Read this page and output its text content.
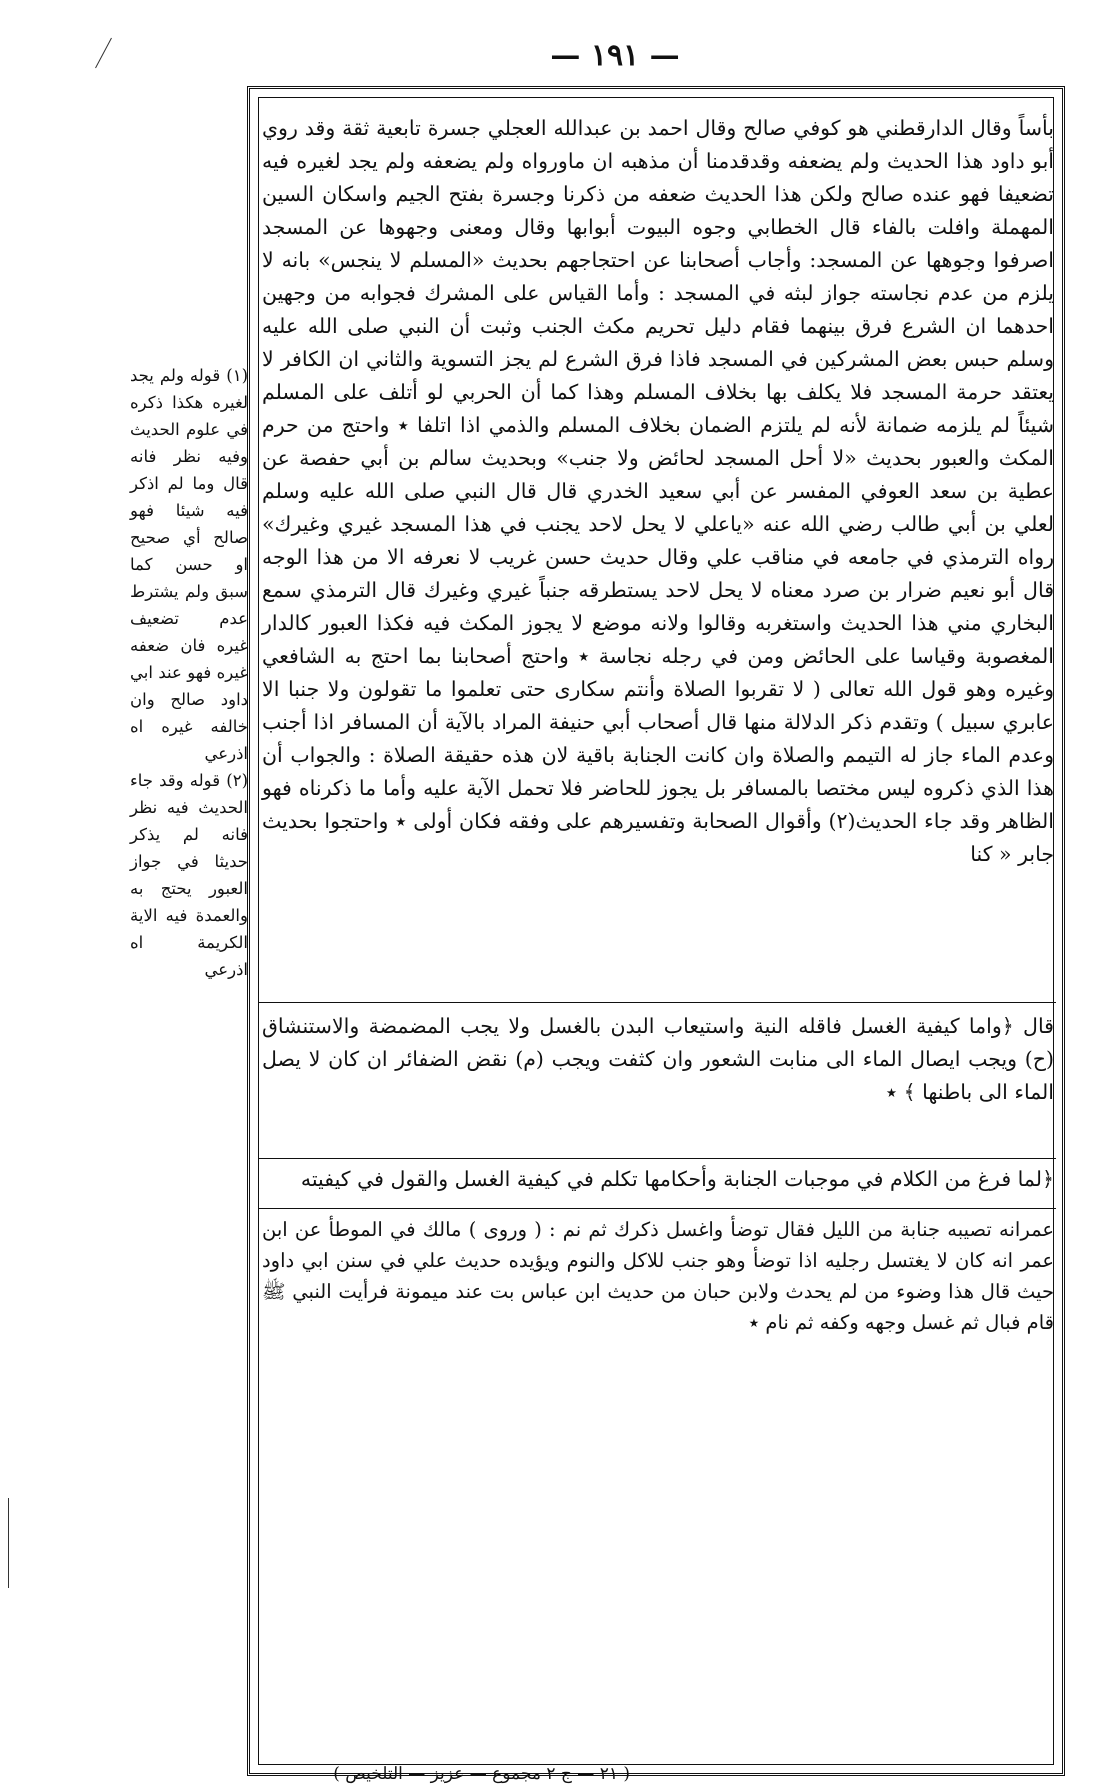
— ١٩١ —

بأساً وقال الدارقطني هو كوفي صالح وقال احمد بن عبدالله العجلي جسرة تابعية ثقة وقد روي أبو داود هذا الحديث ولم يضعفه وقدقدمنا أن مذهبه ان ماورواه ولم يضعفه ولم يجد لغيره فيه تضعيفا فهو عنده صالح ولكن هذا الحديث ضعفه من ذكرنا وجسرة بفتح الجيم واسكان السين المهملة وافلت بالفاء قال الخطابي وجوه البيوت أبوابها وقال ومعنى وجهوها عن المسجد اصرفوا وجوهها عن المسجد: وأجاب أصحابنا عن احتجاجهم بحديث «المسلم لا ينجس» بانه لا يلزم من عدم نجاسته جواز لبثه في المسجد : وأما القياس على المشرك فجوابه من وجهين احدهما ان الشرع فرق بينهما فقام دليل تحريم مكث الجنب وثبت أن النبي صلى الله عليه وسلم حبس بعض المشركين في المسجد فاذا فرق الشرع لم يجز التسوية والثاني ان الكافر لا يعتقد حرمة المسجد فلا يكلف بها بخلاف المسلم وهذا كما أن الحربي لو أتلف على المسلم شيئاً لم يلزمه ضمانة لأنه لم يلتزم الضمان بخلاف المسلم والذمي اذا اتلفا ٭ واحتج من حرم المكث والعبور بحديث «لا أحل المسجد لحائض ولا جنب» وبحديث سالم بن أبي حفصة عن عطية بن سعد العوفي المفسر عن أبي سعيد الخدري قال قال النبي صلى الله عليه وسلم لعلي بن أبي طالب رضي الله عنه «ياعلي لا يحل لاحد يجنب في هذا المسجد غيري وغيرك» رواه الترمذي في جامعه في مناقب علي وقال حديث حسن غريب لا نعرفه الا من هذا الوجه قال أبو نعيم ضرار بن صرد معناه لا يحل لاحد يستطرقه جنباً غيري وغيرك قال الترمذي سمع البخاري مني هذا الحديث واستغربه وقالوا ولانه موضع لا يجوز المكث فيه فكذا العبور كالدار المغصوبة وقياسا على الحائض ومن في رجله نجاسة ٭ واحتج أصحابنا بما احتج به الشافعي وغيره وهو قول الله تعالى ( لا تقربوا الصلاة وأنتم سكارى حتى تعلموا ما تقولون ولا جنبا الا عابري سبيل ) وتقدم ذكر الدلالة منها قال أصحاب أبي حنيفة المراد بالآية أن المسافر اذا أجنب وعدم الماء جاز له التيمم والصلاة وان كانت الجنابة باقية لان هذه حقيقة الصلاة : والجواب أن هذا الذي ذكروه ليس مختصا بالمسافر بل يجوز للحاضر فلا تحمل الآية عليه وأما ما ذكرناه فهو الظاهر وقد جاء الحديث(٢) وأقوال الصحابة وتفسيرهم على وفقه فكان أولى ٭ واحتجوا بحديث جابر « كنا

قال ﴿واما كيفية الغسل فاقله النية واستيعاب البدن بالغسل ولا يجب المضمضة والاستنشاق (ح) ويجب ايصال الماء الى منابت الشعور وان كثفت ويجب (م) نقض الضفائر ان كان لا يصل الماء الى باطنها ﴾ ٭

﴿لما فرغ من الكلام في موجبات الجنابة وأحكامها تكلم في كيفية الغسل والقول في كيفيته

عمرانه تصيبه جنابة من الليل فقال توضأ واغسل ذكرك ثم نم : ( وروى ) مالك في الموطأ عن ابن عمر انه كان لا يغتسل رجليه اذا توضأ وهو جنب للاكل والنوم ويؤيده حديث علي في سنن ابي داود حيث قال هذا وضوء من لم يحدث ولابن حبان من حديث ابن عباس بت عند ميمونة فرأيت النبي ﷺ قام فبال ثم غسل وجهه وكفه ثم نام ٭

(١) قوله ولم يجد لغيره هكذا ذكره في علوم الحديث وفيه نظر فانه قال وما لم اذكر فيه شيئا فهو صالح أي صحيح او حسن كما سبق ولم يشترط عدم تضعيف غيره فان ضعفه غيره فهو عند ابي داود صالح وان خالفه غيره اه اذرعي

(٢) قوله وقد جاء الحديث فيه نظر فانه لم يذكر حديثا في جواز العبور يحتج به والعمدة فيه الاية الكريمة اه اذرعي

( ٢١ — ج ٢ مجموع — عزيز — التلخيص )
